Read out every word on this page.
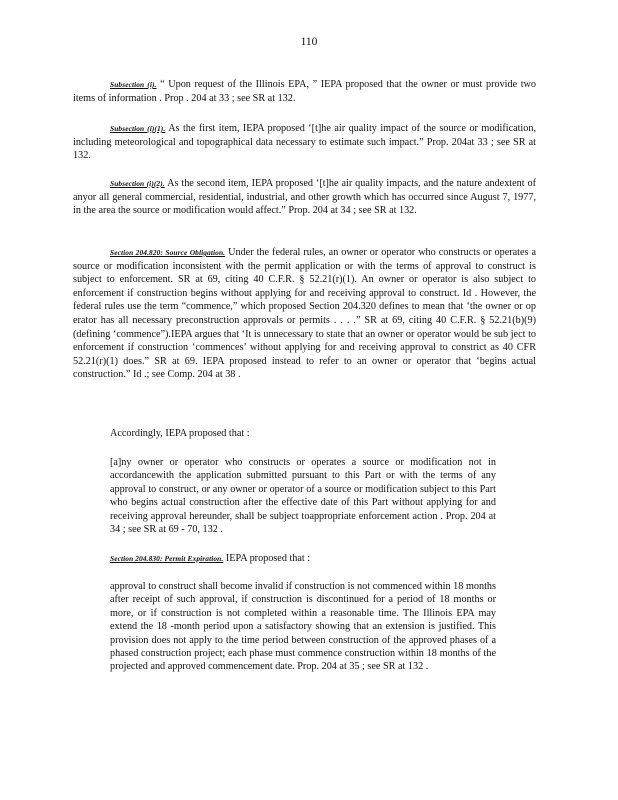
110
Subsection (i). “ Upon request of the Illinois EPA, ” IEPA proposed that the owner or must provide two items of information . Prop . 204 at 33 ; see SR at 132.
Subsection (i)(1). As the first item, IEPA proposed ‘[t]he air quality impact of the source or modification, including meteorological and topographical data necessary to estimate such impact.” Prop. 204at 33 ; see SR at 132.
Subsection (i)(2). As the second item, IEPA proposed ‘[t]he air quality impacts, and the nature andextent of anyor all general commercial, residential, industrial, and other growth which has occurred since August 7, 1977, in the area the source or modification would affect.” Prop. 204 at 34 ; see SR at 132.
Section 204.820: Source Obligation. Under the federal rules, an owner or operator who constructs or operates a source or modification inconsistent with the permit application or with the terms of approval to construct is subject to enforcement. SR at 69, citing 40 C.F.R. § 52.21(r)(1). An owner or operator is also subject to enforcement if construction begins without applying for and receiving approval to construct. Id . However, the federal rules use the term “commence,” which proposed Section 204.320 defines to mean that ‘the owner or op erator has all necessary preconstruction approvals or permits . . . .” SR at 69, citing 40 C.F.R. § 52.21(b)(9) (defining ‘commence”).IEPA argues that ‘It is unnecessary to state that an owner or operator would be sub ject to enforcement if construction ‘commences’ without applying for and receiving approval to constrict as 40 CFR 52.21(r)(1) does.” SR at 69. IEPA proposed instead to refer to an owner or operator that ‘begins actual construction.” Id .; see Comp. 204 at 38 .
Accordingly, IEPA proposed that :
[a]ny owner or operator who constructs or operates a source or modification not in accordancewith the application submitted pursuant to this Part or with the terms of any approval to construct, or any owner or operator of a source or modification subject to this Part who begins actual construction after the effective date of this Part without applying for and receiving approval hereunder, shall be subject toappropriate enforcement action . Prop. 204 at 34 ; see SR at 69 - 70, 132 .
Section 204.830: Permit Expiration. IEPA proposed that :
approval to construct shall become invalid if construction is not commenced within 18 months after receipt of such approval, if construction is discontinued for a period of 18 months or more, or if construction is not completed within a reasonable time. The Illinois EPA may extend the 18 -month period upon a satisfactory showing that an extension is justified. This provision does not apply to the time period between construction of the approved phases of a phased construction project; each phase must commence construction within 18 months of the projected and approved commencement date. Prop. 204 at 35 ; see SR at 132 .
